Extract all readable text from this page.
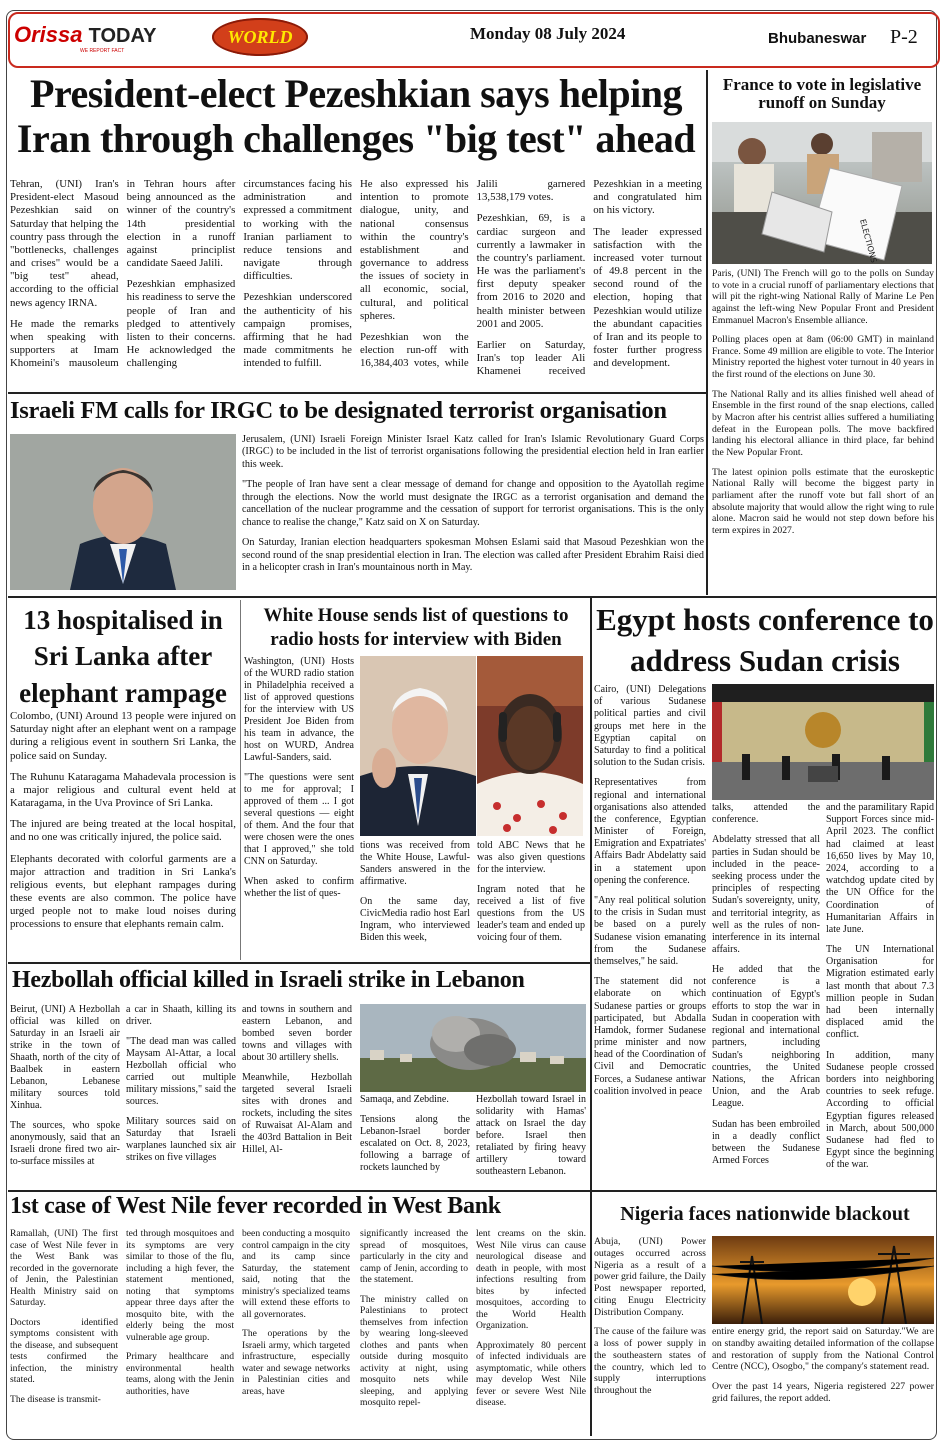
Orissa TODAY
WE REPORT FACT
WORLD	Monday 08 July 2024	Bhubaneswar P-2
President-elect Pezeshkian says helping Iran through challenges "big test" ahead

Tehran, (UNI) Iran's President-elect Masoud Pezeshkian said on Saturday that helping the country pass through the "bottlenecks, challenges and crises" would be a "big test" ahead, according to the official news agency IRNA.

He made the remarks when speaking with supporters at Imam Khomeini's mausoleum in Tehran hours after being announced as the winner of the country's 14th presidential election in a runoff against principlist candidate Saeed Jalili.

Pezeshkian emphasized his readiness to serve the people of Iran and pledged to attentively listen to their concerns. He acknowledged the challenging circumstances facing his administration and expressed a commitment to working with the Iranian parliament to reduce tensions and navigate through difficulties.

Pezeshkian underscored the authenticity of his campaign promises, affirming that he had made commitments he intended to fulfill.

He also expressed his intention to promote dialogue, unity, and national consensus within the country's establishment and governance to address the issues of society in all economic, social, cultural, and political spheres.

Pezeshkian won the election run-off with 16,384,403 votes, while Jalili garnered 13,538,179 votes.

Pezeshkian, 69, is a cardiac surgeon and currently a lawmaker in the country's parliament. He was the parliament's first deputy speaker from 2016 to 2020 and health minister between 2001 and 2005.

Earlier on Saturday, Iran's top leader Ali Khamenei received Pezeshkian in a meeting and congratulated him on his victory.

The leader expressed satisfaction with the increased voter turnout of 49.8 percent in the second round of the election, hoping that Pezeshkian would utilize the abundant capacities of Iran and its people to foster further progress and development.

France to vote in legislative runoff on Sunday
ELECTIONS

Paris, (UNI) The French will go to the polls on Sunday to vote in a crucial runoff of parliamentary elections that will pit the right-wing National Rally of Marine Le Pen against the left-wing New Popular Front and President Emmanuel Macron's Ensemble alliance.

Polling places open at 8am (06:00 GMT) in mainland France. Some 49 million are eligible to vote. The Interior Ministry reported the highest voter turnout in 40 years in the first round of the elections on June 30.

The National Rally and its allies finished well ahead of Ensemble in the first round of the snap elections, called by Macron after his centrist allies suffered a humiliating defeat in the European polls. The move backfired landing his electoral alliance in third place, far behind the New Popular Front.

The latest opinion polls estimate that the euroskeptic National Rally will become the biggest party in parliament after the runoff vote but fall short of an absolute majority that would allow the right wing to rule alone. Macron said he would not step down before his term expires in 2027.

Israeli FM calls for IRGC to be designated terrorist organisation

Jerusalem, (UNI) Israeli Foreign Minister Israel Katz called for Iran's Islamic Revolutionary Guard Corps (IRGC) to be included in the list of terrorist organisations following the presidential election held in Iran earlier this week.

"The people of Iran have sent a clear message of demand for change and opposition to the Ayatollah regime through the elections. Now the world must designate the IRGC as a terrorist organisation and demand the cancellation of the nuclear programme and the cessation of support for terrorist organisations. This is the only chance to realise the change," Katz said on X on Saturday.

On Saturday, Iranian election headquarters spokesman Mohsen Eslami said that Masoud Pezeshkian won the second round of the snap presidential election in Iran. The election was called after President Ebrahim Raisi died in a helicopter crash in Iran's mountainous north in May.

13 hospitalised in Sri Lanka after elephant rampage

Colombo, (UNI) Around 13 people were injured on Saturday night after an elephant went on a rampage during a religious event in southern Sri Lanka, the police said on Sunday.

The Ruhunu Kataragama Mahadevala procession is a major religious and cultural event held at Kataragama, in the Uva Province of Sri Lanka.

The injured are being treated at the local hospital, and no one was critically injured, the police said.

Elephants decorated with colorful garments are a major attraction and tradition in Sri Lanka's religious events, but elephant rampages during these events are also common. The police have urged people not to make loud noises during processions to ensure that elephants remain calm.

White House sends list of questions to radio hosts for interview with Biden

Washington, (UNI) Hosts of the WURD radio station in Philadelphia received a list of approved questions for the interview with US President Joe Biden from his team in advance, the host on WURD, Andrea Lawful-Sanders, said.

"The questions were sent to me for approval; I approved of them ... I got several questions — eight of them. And the four that were chosen were the ones that I approved," she told CNN on Saturday.

When asked to confirm whether the list of ques-

tions was received from the White House, Lawful-Sanders answered in the affirmative.

On the same day, CivicMedia radio host Earl Ingram, who interviewed Biden this week,

told ABC News that he was also given questions for the interview.

Ingram noted that he received a list of five questions from the US leader's team and ended up voicing four of them.

Egypt hosts conference to address Sudan crisis

Cairo, (UNI) Delegations of various Sudanese political parties and civil groups met here in the Egyptian capital on Saturday to find a political solution to the Sudan crisis.

Representatives from regional and international organisations also attended the conference, Egyptian Minister of Foreign, Emigration and Expatriates' Affairs Badr Abdelatty said in a statement upon opening the conference.

"Any real political solution to the crisis in Sudan must be based on a purely Sudanese vision emanating from the Sudanese themselves," he said.

The statement did not elaborate on which Sudanese parties or groups participated, but Abdalla Hamdok, former Sudanese prime minister and now head of the Coordination of Civil and Democratic Forces, a Sudanese antiwar coalition involved in peace

talks, attended the conference.

Abdelatty stressed that all parties in Sudan should be included in the peace-seeking process under the principles of respecting Sudan's sovereignty, unity, and territorial integrity, as well as the rules of non-interference in its internal affairs.

He added that the conference is a continuation of Egypt's efforts to stop the war in Sudan in cooperation with regional and international partners, including Sudan's neighboring countries, the United Nations, the African Union, and the Arab League.

Sudan has been embroiled in a deadly conflict between the Sudanese Armed Forces

and the paramilitary Rapid Support Forces since mid-April 2023. The conflict had claimed at least 16,650 lives by May 10, 2024, according to a watchdog update cited by the UN Office for the Coordination of Humanitarian Affairs in late June.

The UN International Organisation for Migration estimated early last month that about 7.3 million people in Sudan had been internally displaced amid the conflict.

In addition, many Sudanese people crossed borders into neighboring countries to seek refuge. According to official Egyptian figures released in March, about 500,000 Sudanese had fled to Egypt since the beginning of the war.

Hezbollah official killed in Israeli strike in Lebanon

Beirut, (UNI) A Hezbollah official was killed on Saturday in an Israeli air strike in the town of Shaath, north of the city of Baalbek in eastern Lebanon, Lebanese military sources told Xinhua.

The sources, who spoke anonymously, said that an Israeli drone fired two air-to-surface missiles at

a car in Shaath, killing its driver.

"The dead man was called Maysam Al-Attar, a local Hezbollah official who carried out multiple military missions," said the sources.

Military sources said on Saturday that Israeli warplanes launched six air strikes on five villages

and towns in southern and eastern Lebanon, and bombed seven border towns and villages with about 30 artillery shells.

Meanwhile, Hezbollah targeted several Israeli sites with drones and rockets, including the sites of Ruwaisat Al-Alam and the 403rd Battalion in Beit Hillel, Al-

Samaqa, and Zebdine.

Tensions along the Lebanon-Israel border escalated on Oct. 8, 2023, following a barrage of rockets launched by

Hezbollah toward Israel in solidarity with Hamas' attack on Israel the day before. Israel then retaliated by firing heavy artillery toward southeastern Lebanon.

1st case of West Nile fever recorded in West Bank

Ramallah, (UNI) The first case of West Nile fever in the West Bank was recorded in the governorate of Jenin, the Palestinian Health Ministry said on Saturday.

Doctors identified symptoms consistent with the disease, and subsequent tests confirmed the infection, the ministry stated.

The disease is transmit-

ted through mosquitoes and its symptoms are very similar to those of the flu, including a high fever, the statement mentioned, noting that symptoms appear three days after the mosquito bite, with the elderly being the most vulnerable age group.

Primary healthcare and environmental health teams, along with the Jenin authorities, have

been conducting a mosquito control campaign in the city and its camp since Saturday, the statement said, noting that the ministry's specialized teams will extend these efforts to all governorates.

The operations by the Israeli army, which targeted infrastructure, especially water and sewage networks in Palestinian cities and areas, have

significantly increased the spread of mosquitoes, particularly in the city and camp of Jenin, according to the statement.

The ministry called on Palestinians to protect themselves from infection by wearing long-sleeved clothes and pants when outside during mosquito activity at night, using mosquito nets while sleeping, and applying mosquito repel-

lent creams on the skin. West Nile virus can cause neurological disease and death in people, with most infections resulting from bites by infected mosquitoes, according to the World Health Organization.

Approximately 80 percent of infected individuals are asymptomatic, while others may develop West Nile fever or severe West Nile disease.

Nigeria faces nationwide blackout

Abuja, (UNI) Power outages occurred across Nigeria as a result of a power grid failure, the Daily Post newspaper reported, citing Enugu Electricity Distribution Company.

The cause of the failure was a loss of power supply in the southeastern states of the country, which led to supply interruptions throughout the

entire energy grid, the report said on Saturday."We are on standby awaiting detailed information of the collapse and restoration of supply from the National Control Centre (NCC), Osogbo," the company's statement read.

Over the past 14 years, Nigeria registered 227 power grid failures, the report added.
